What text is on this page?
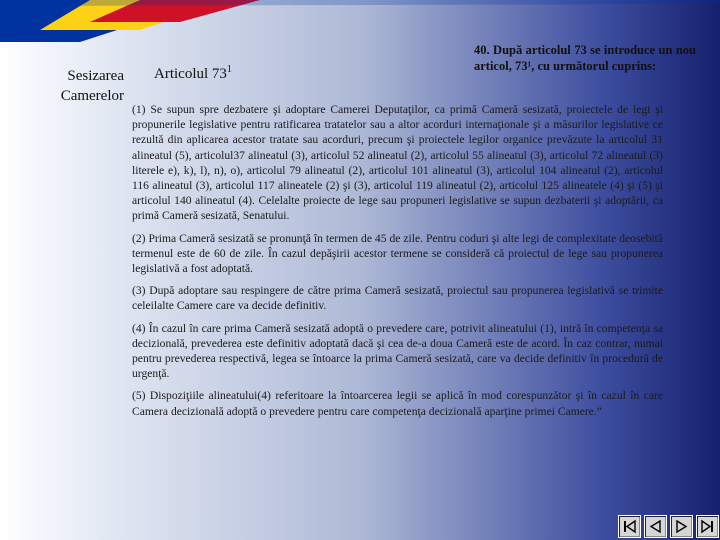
Sesizarea
Camerelor
Articolul $73^1$
40. După articolul 73 se introduce un nou articol, 73¹, cu următorul cuprins:

(1) Se supun spre dezbatere şi adoptare Camerei Deputaţilor, ca primă Cameră sesizată, proiectele de legi şi propunerile legislative pentru ratificarea tratatelor sau a altor acorduri internaţionale şi a măsurilor legislative ce rezultă din aplicarea acestor tratate sau acorduri, precum şi proiectele legilor organice prevăzute la articolul 31 alineatul (5), articolul37 alineatul (3), articolul 52 alineatul (2), articolul 55 alineatul (3), articolul 72 alineatul (3) literele e), k), l), n), o), articolul 79 alineatul (2), articolul 101 alineatul (3), articolul 104 alineatul (2), articolul 116 alineatul (3), articolul 117 alineatele (2) şi (3), articolul 119 alineatul (2), articolul 125 alineatele (4) şi (5) şi articolul 140 alineatul (4). Celelalte proiecte de lege sau propuneri legislative se supun dezbaterii şi adoptării, ca primă Cameră sesizată, Senatului.

(2) Prima Cameră sesizată se pronunţă în termen de 45 de zile. Pentru coduri şi alte legi de complexitate deosebită termenul este de 60 de zile. În cazul depăşirii acestor termene se consideră că proiectul de lege sau propunerea legislativă a fost adoptată.

(3) După adoptare sau respingere de către prima Cameră sesizată, proiectul sau propunerea legislativă se trimite celeilalte Camere care va decide definitiv.

(4) În cazul în care prima Cameră sesizată adoptă o prevedere care, potrivit alineatului (1), intră în competenţa sa decizională, prevederea este definitiv adoptată dacă şi cea de-a doua Cameră este de acord. În caz contrar, numai pentru prevederea respectivă, legea se întoarce la prima Cameră sesizată, care va decide definitiv în procedură de urgenţă.

(5) Dispoziţiile alineatului(4) referitoare la întoarcerea legii se aplică în mod corespunzător şi în cazul în care Camera decizională adoptă o prevedere pentru care competenţa decizională aparţine primei Camere.”
